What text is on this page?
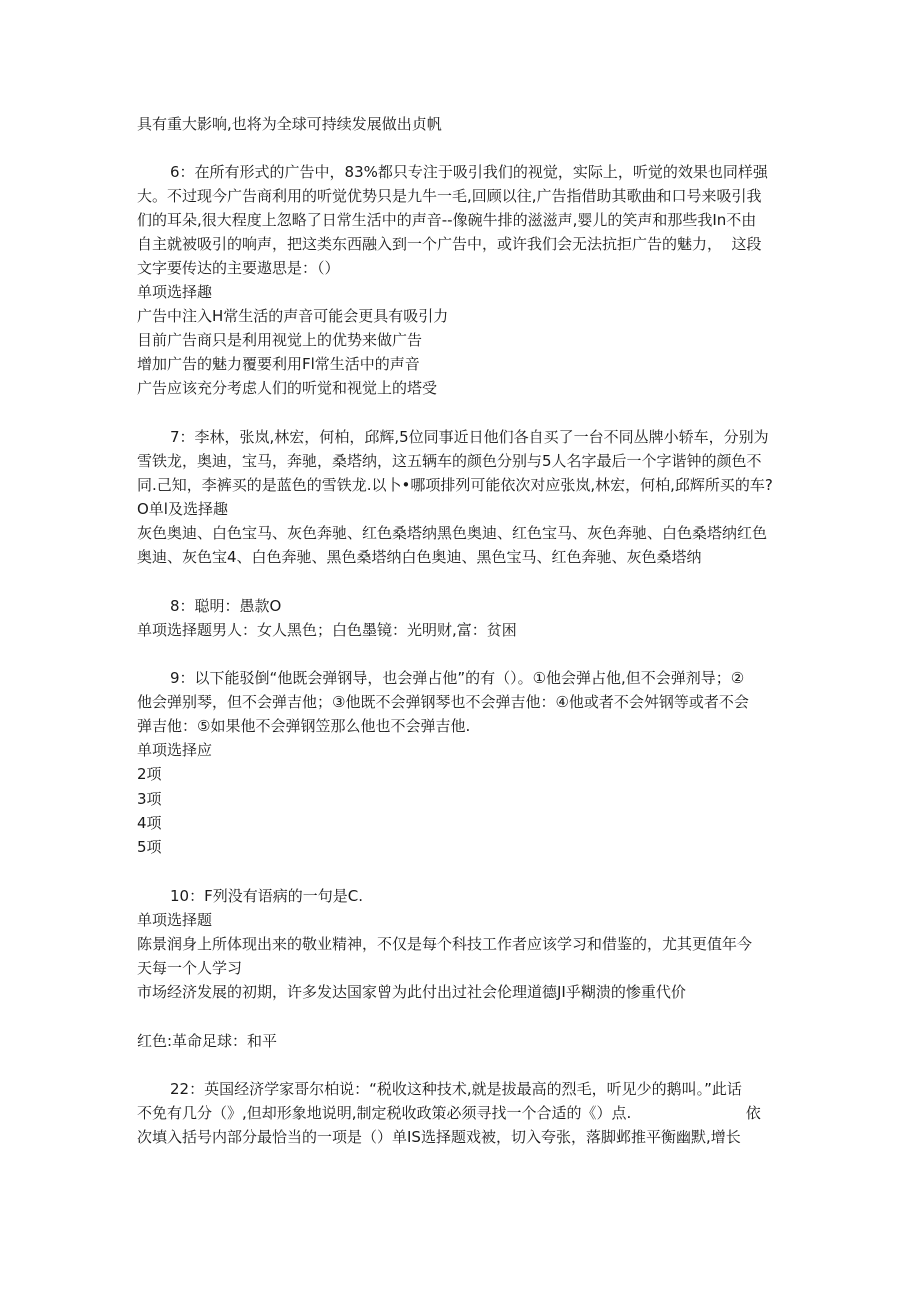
具有重大影响,也将为全球可持续发展做出贞帆
6：在所有形式的广告中，83%都只专注于吸引我们的视觉，实际上，听觉的效果也同样强
大。不过现今广告商利用的听觉优势只是九牛一毛,回顾以往,广告指借助其歌曲和口号来吸引我
们的耳朵,很大程度上忽略了日常生活中的声音--像碗牛排的滋滋声,婴儿的笑声和那些我In不由
自主就被吸引的响声，把这类东西融入到一个广告中，或许我们会无法抗拒广告的魅力，  这段
文字要传达的主要遨思是：（）
单项选择趣
广告中注入H常生活的声音可能会更具有吸引力
目前广告商只是利用视觉上的优势来做广告
增加广告的魅力覆要利用Fl常生活中的声音
广告应该充分考虑人们的听觉和视觉上的塔受
7：李林，张岚,林宏，何柏，邱辉,5位同事近日他们各自买了一台不同丛牌小轿车，分别为
雪铁龙，奥迪，宝马，奔驰，桑塔纳，这五辆车的颜色分别与5人名字最后一个字谐钟的颜色不
同.己知，李裤买的是蓝色的雪铁龙.以卜•哪项排列可能依次对应张岚,林宏，何柏,邱辉所买的车?
O单l及选择趣
灰色奥迪、白色宝马、灰色奔驰、红色桑塔纳黑色奥迪、红色宝马、灰色奔驰、白色桑塔纳红色
奥迪、灰色宝4、白色奔驰、黑色桑塔纳白色奥迪、黑色宝马、红色奔驰、灰色桑塔纳
8：聪明：愚款O
单项选择题男人：女人黑色；白色墨镜：光明财,富：贫困
9：以下能驳倒“他既会弹钢导，也会弹占他”的有（）。①他会弹占他,但不会弹剂导；②
他会弹别琴，但不会弹吉他；③他既不会弹钢琴也不会弹吉他：④他或者不会舛钢等或者不会
弹吉他：⑤如果他不会弹钢笠那么他也不会弹吉他.
单项选择应
2项
3项
4项
5项
10：F列没有语病的一句是C.
单项选择题
陈景润身上所体现出来的敬业精神，不仅是每个科技工作者应该学习和借鉴的，尤其更值年今
天每一个人学习
市场经济发展的初期，许多发达国家曾为此付出过社会伦理道德JI乎糊溃的惨重代价
红色:革命足球：和平
22：英国经济学家哥尔柏说：“税收这种技术,就是拔最高的烈毛，听见少的鹅叫。”此话
不免有几分（》,但却形象地说明,制定税收政策必须寻找一个合适的《）点.                        依
次填入括号内部分最恰当的一项是（）单IS选择题戏被，切入夸张，落脚邺推平衡幽默,增长
